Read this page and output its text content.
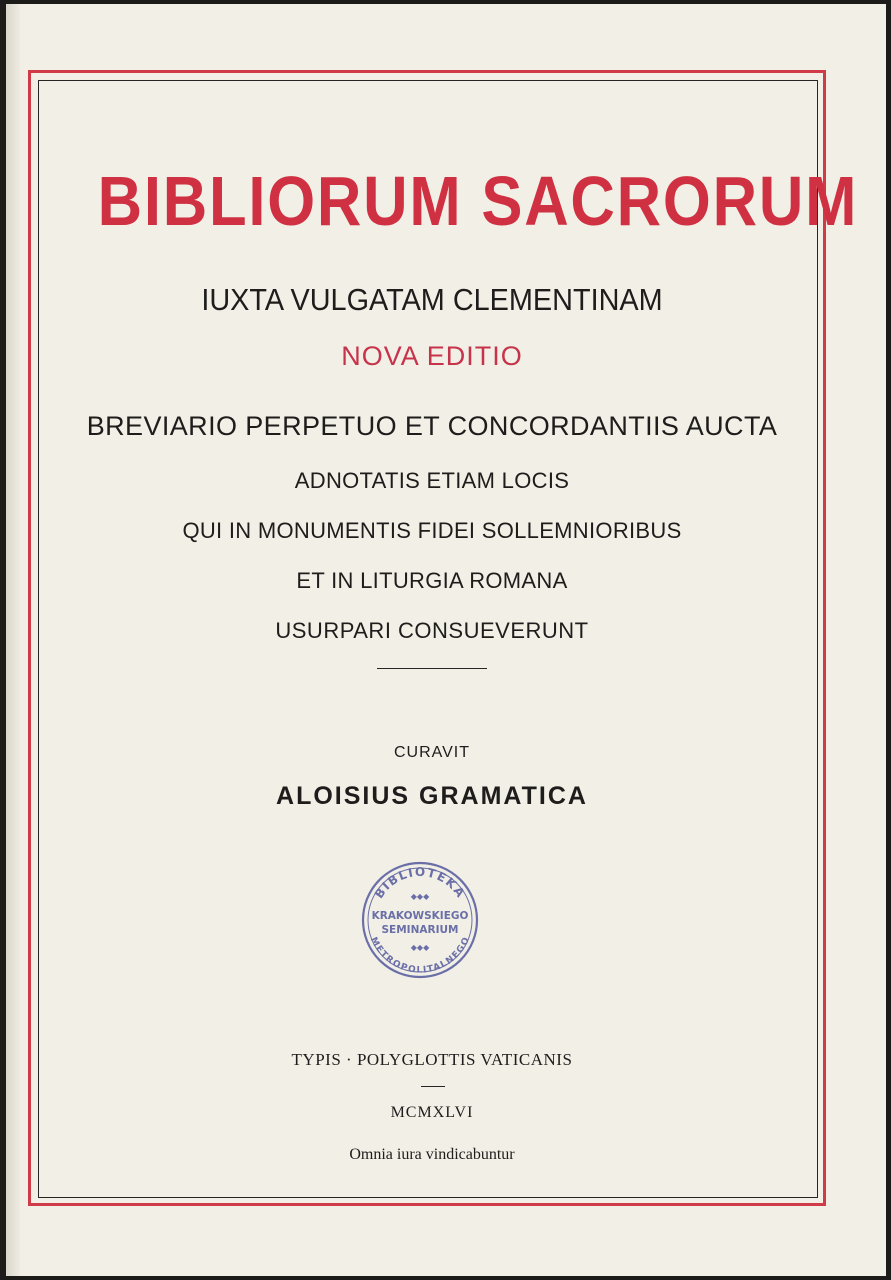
BIBLIORUM SACRORUM
IUXTA VULGATAM CLEMENTINAM
NOVA EDITIO
BREVIARIO PERPETUO ET CONCORDANTIIS AUCTA
ADNOTATIS ETIAM LOCIS
QUI IN MONUMENTIS FIDEI SOLLEMNIORIBUS
ET IN LITURGIA ROMANA
USURPARI CONSUEVERUNT
CURAVIT
ALOISIUS GRAMATICA
BIBLIOTEKA
METROPOLITALNEGO
◆◆◆
KRAKOWSKIEGO
SEMINARIUM
◆◆◆
TYPIS · POLYGLOTTIS VATICANIS
MCMXLVI
Omnia iura vindicabuntur
